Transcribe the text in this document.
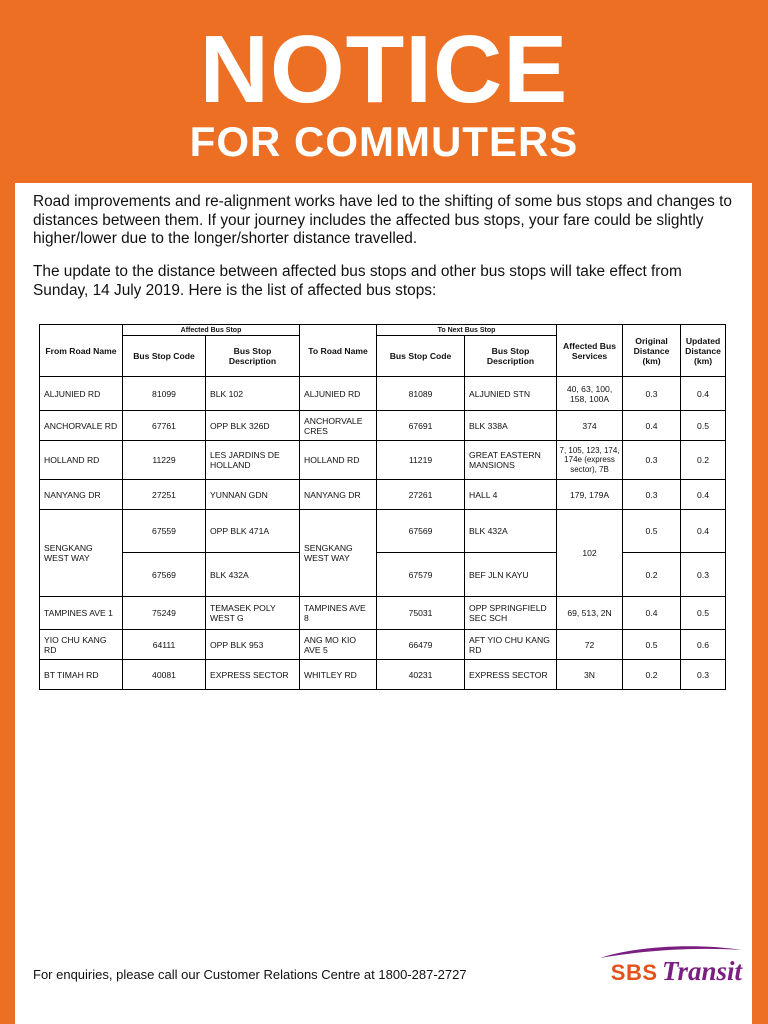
NOTICE
FOR COMMUTERS
Road improvements and re-alignment works have led to the shifting of some bus stops and changes to distances between them. If your journey includes the affected bus stops, your fare could be slightly higher/lower due to the longer/shorter distance travelled.
The update to the distance between affected bus stops and other bus stops will take effect from Sunday, 14 July 2019. Here is the list of affected bus stops:
From Road Name	Affected Bus Stop		To Road Name	To Next Bus Stop		Affected Bus Services	Original Distance (km)	Updated Distance (km)
	Bus Stop Code	Bus Stop Description		Bus Stop Code	Bus Stop Description			
ALJUNIED RD	81099	BLK 102	ALJUNIED RD	81089	ALJUNIED STN	40, 63, 100, 158, 100A	0.3	0.4
ANCHORVALE RD	67761	OPP BLK 326D	ANCHORVALE CRES	67691	BLK 338A	374	0.4	0.5
HOLLAND RD	11229	LES JARDINS DE HOLLAND	HOLLAND RD	11219	GREAT EASTERN MANSIONS	7, 105, 123, 174, 174e (express sector), 7B	0.3	0.2
NANYANG DR	27251	YUNNAN GDN	NANYANG DR	27261	HALL 4	179, 179A	0.3	0.4
SENGKANG WEST WAY	67559	OPP BLK 471A	SENGKANG WEST WAY	67569	BLK 432A	102	0.5	0.4
	67569	BLK 432A		67579	BEF JLN KAYU		0.2	0.3
TAMPINES AVE 1	75249	TEMASEK POLY WEST G	TAMPINES AVE 8	75031	OPP SPRINGFIELD SEC SCH	69, 513, 2N	0.4	0.5
YIO CHU KANG RD	64111	OPP BLK 953	ANG MO KIO AVE 5	66479	AFT YIO CHU KANG RD	72	0.5	0.6
BT TIMAH RD	40081	EXPRESS SECTOR	WHITLEY RD	40231	EXPRESS SECTOR	3N	0.2	0.3
For enquiries, please call our Customer Relations Centre at 1800-287-2727	SBS Transit
